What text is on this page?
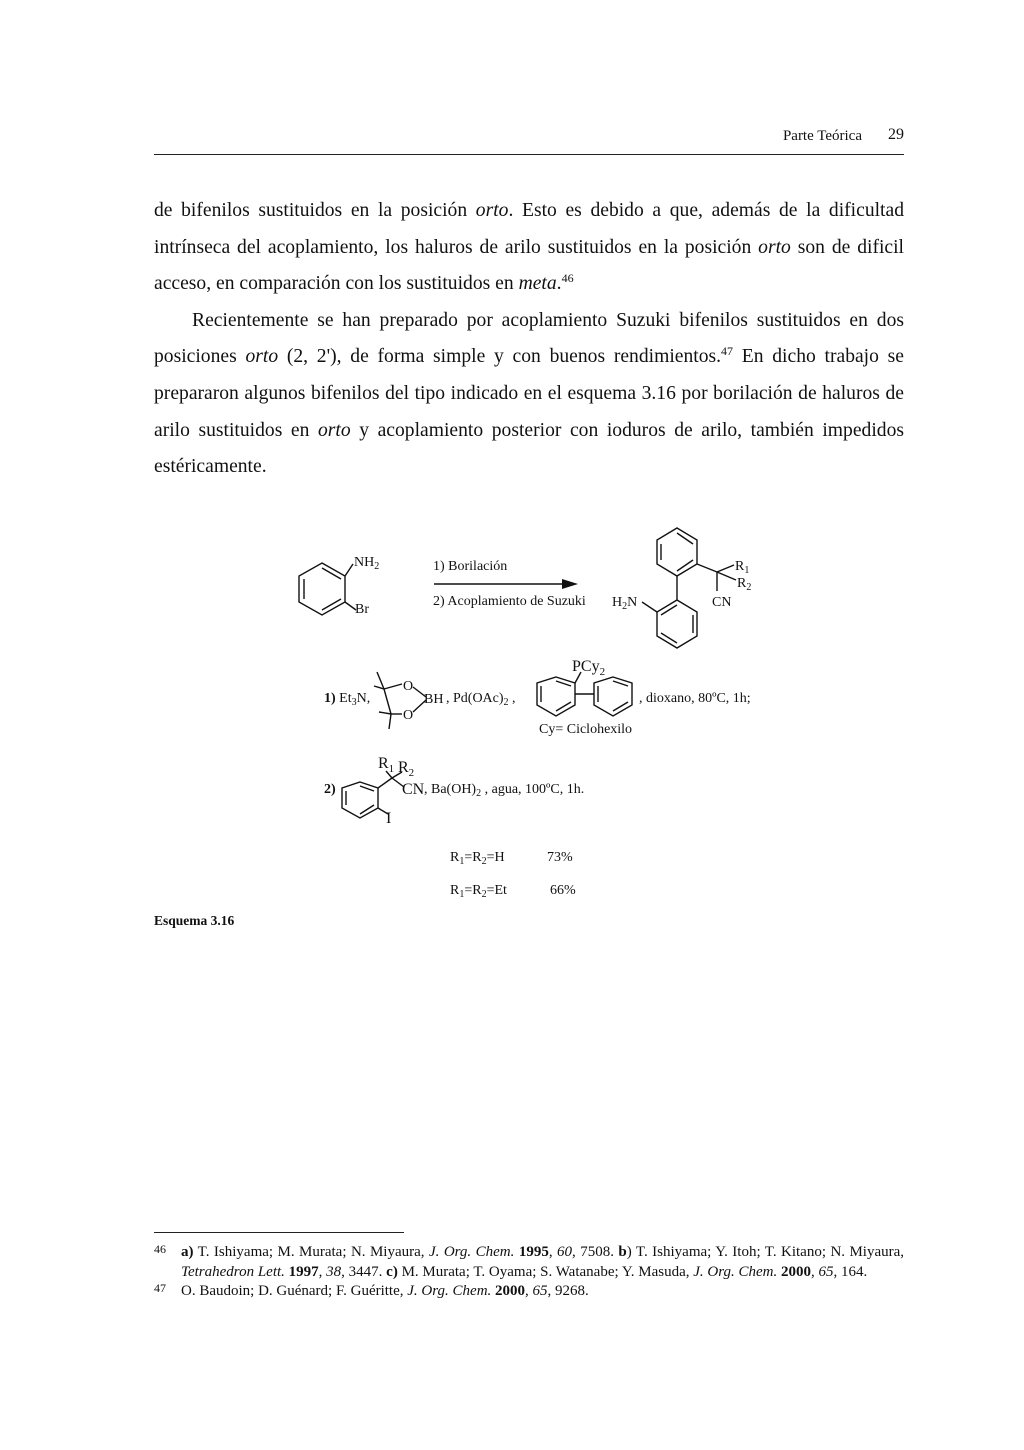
Parte Teórica 29

de bifenilos sustituidos en la posición orto. Esto es debido a que, además de la dificultad intrínseca del acoplamiento, los haluros de arilo sustituidos en la posición orto son de dificil acceso, en comparación con los sustituidos en meta.$^{46}$

Recientemente se han preparado por acoplamiento Suzuki bifenilos sustituidos en dos posiciones orto (2, 2'), de forma simple y con buenos rendimientos.$^{47}$ En dicho trabajo se prepararon algunos bifenilos del tipo indicado en el esquema 3.16 por borilación de haluros de arilo sustituidos en orto y acoplamiento posterior con ioduros de arilo, también impedidos estéricamente.

$NH_2$
Br
1) Borilación
2) Acoplamiento de Suzuki $H_2N$
$R_1$
$R_2$
CN
1) $Et_3N$,
O
O
BH , $Pd(OAc)_2$ ,
PCy$_2$
, dioxano, 80ºC, 1h;
Cy= Ciclohexilo
$R_1$ $R_2$
2)	CN , $Ba(OH)_2$ , agua, 100ºC, 1h.
I
$R_1=R_2=H$	73%
$R_1=R_2=Et$	66%
Esquema 3.16
46 a) T. Ishiyama; M. Murata; N. Miyaura, J. Org. Chem. 1995, 60, 7508. b) T. Ishiyama; Y. Itoh; T. Kitano; N. Miyaura, Tetrahedron Lett. 1997, 38, 3447. c) M. Murata; T. Oyama; S. Watanabe; Y. Masuda, J. Org. Chem. 2000, 65, 164.
47 O. Baudoin; D. Guénard; F. Guéritte, J. Org. Chem. 2000, 65, 9268.
